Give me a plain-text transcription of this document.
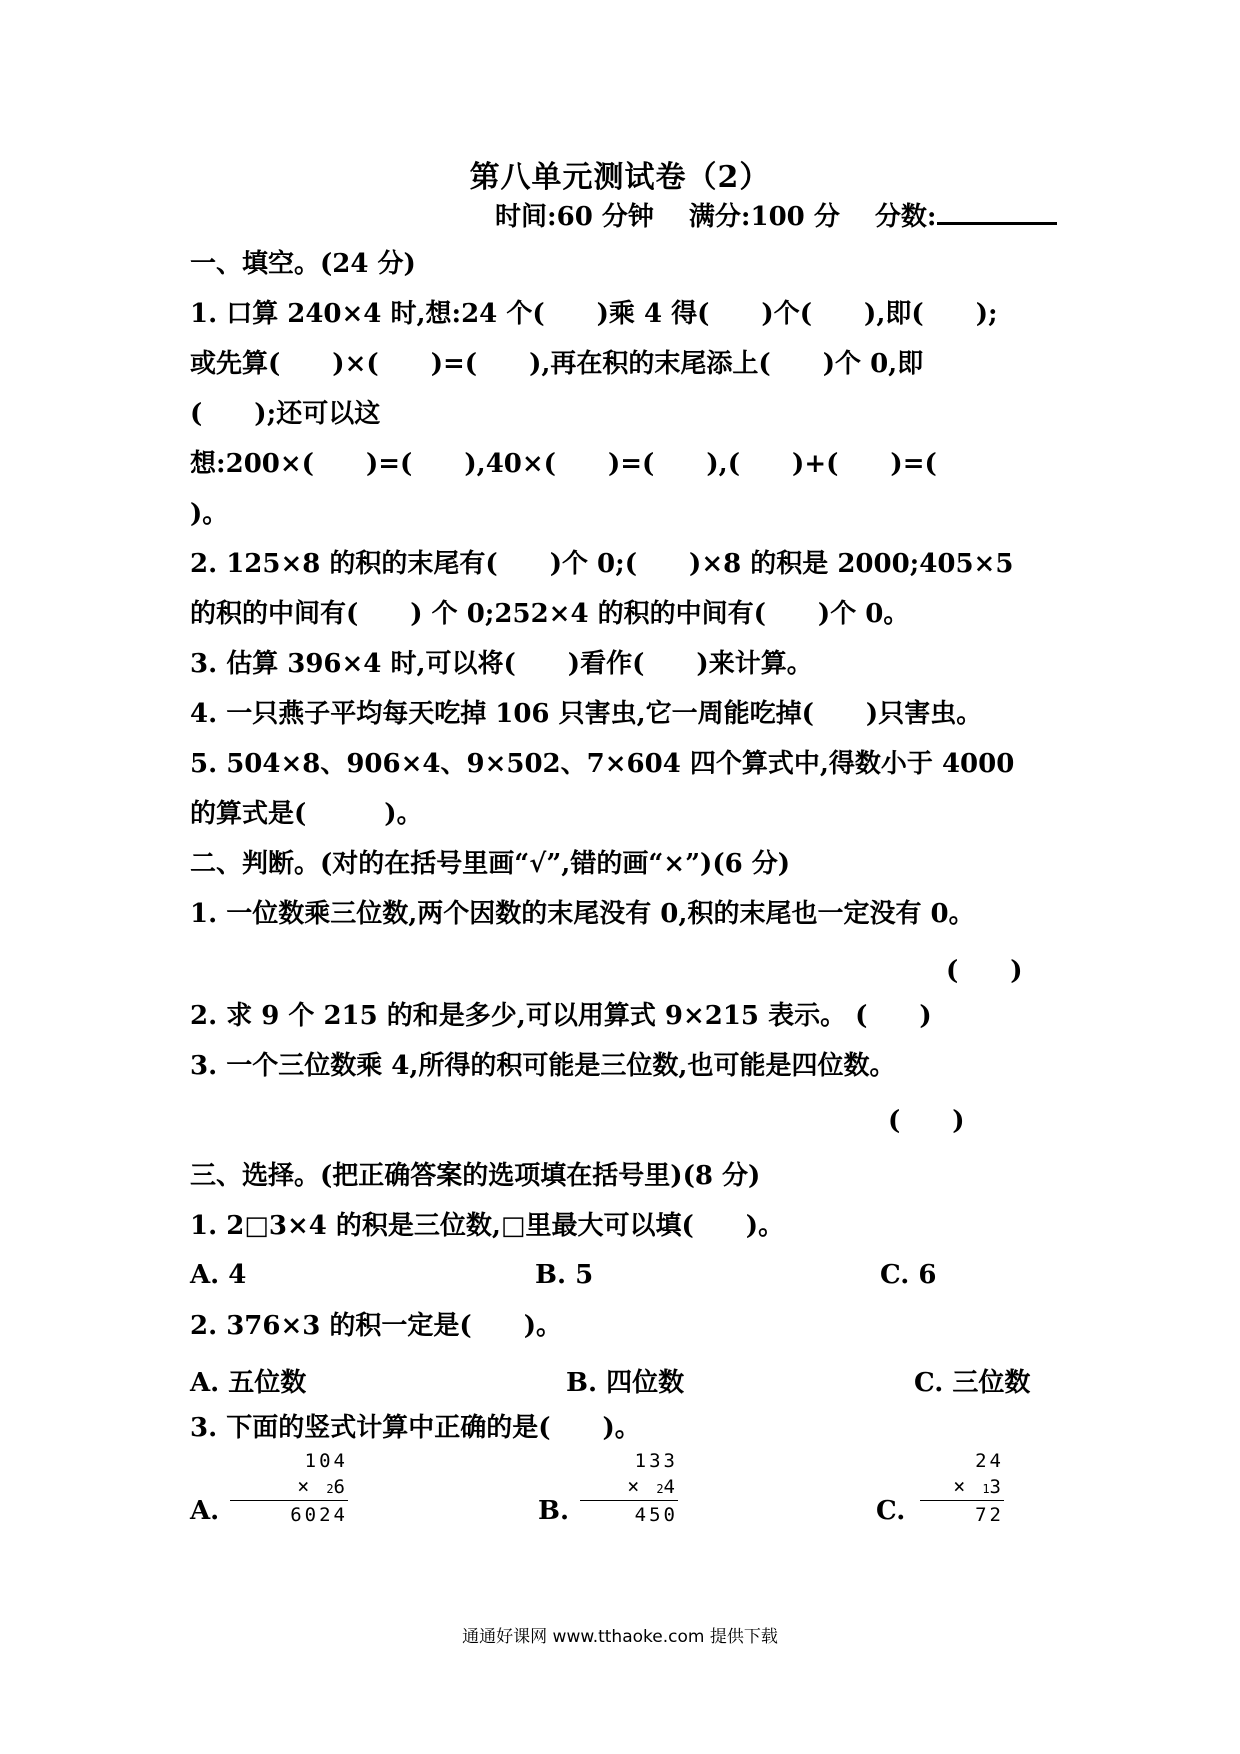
第八单元测试卷（2）
时间:60 分钟 满分:100 分 分数:
一、填空。(24 分)
1. 口算 240×4 时,想:24 个(　　)乘 4 得(　　)个(　　),即(　　);
或先算(　　)×(　　)=(　　),再在积的末尾添上(　　)个 0,即
(　　);还可以这
想:200×(　　)=(　　),40×(　　)=(　　),(　　)+(　　)=(
)。
2. 125×8 的积的末尾有(　　)个 0;(　　)×8 的积是 2000;405×5
的积的中间有(　　) 个 0;252×4 的积的中间有(　　)个 0。
3. 估算 396×4 时,可以将(　　)看作(　　)来计算。
4. 一只燕子平均每天吃掉 106 只害虫,它一周能吃掉(　　)只害虫。
5. 504×8、906×4、9×502、7×604 四个算式中,得数小于 4000
的算式是(　　　)。
二、判断。(对的在括号里画“√”,错的画“×”)(6 分)
1. 一位数乘三位数,两个因数的末尾没有 0,积的末尾也一定没有 0。
(　　)
2. 求 9 个 215 的和是多少,可以用算式 9×215 表示。 (　　)
3. 一个三位数乘 4,所得的积可能是三位数,也可能是四位数。
(　　)
三、选择。(把正确答案的选项填在括号里)(8 分)
1. 2□3×4 的积是三位数,□里最大可以填(　　)。
A. 4	B. 5	C. 6
2. 376×3 的积一定是(　　)。
A. 五位数	B. 四位数	C. 三位数
3. 下面的竖式计算中正确的是(　　)。
A.
104
× 26
6024	B.
133
× 24
450	C.
24
× 13
72
通通好课网 www.tthaoke.com 提供下载
